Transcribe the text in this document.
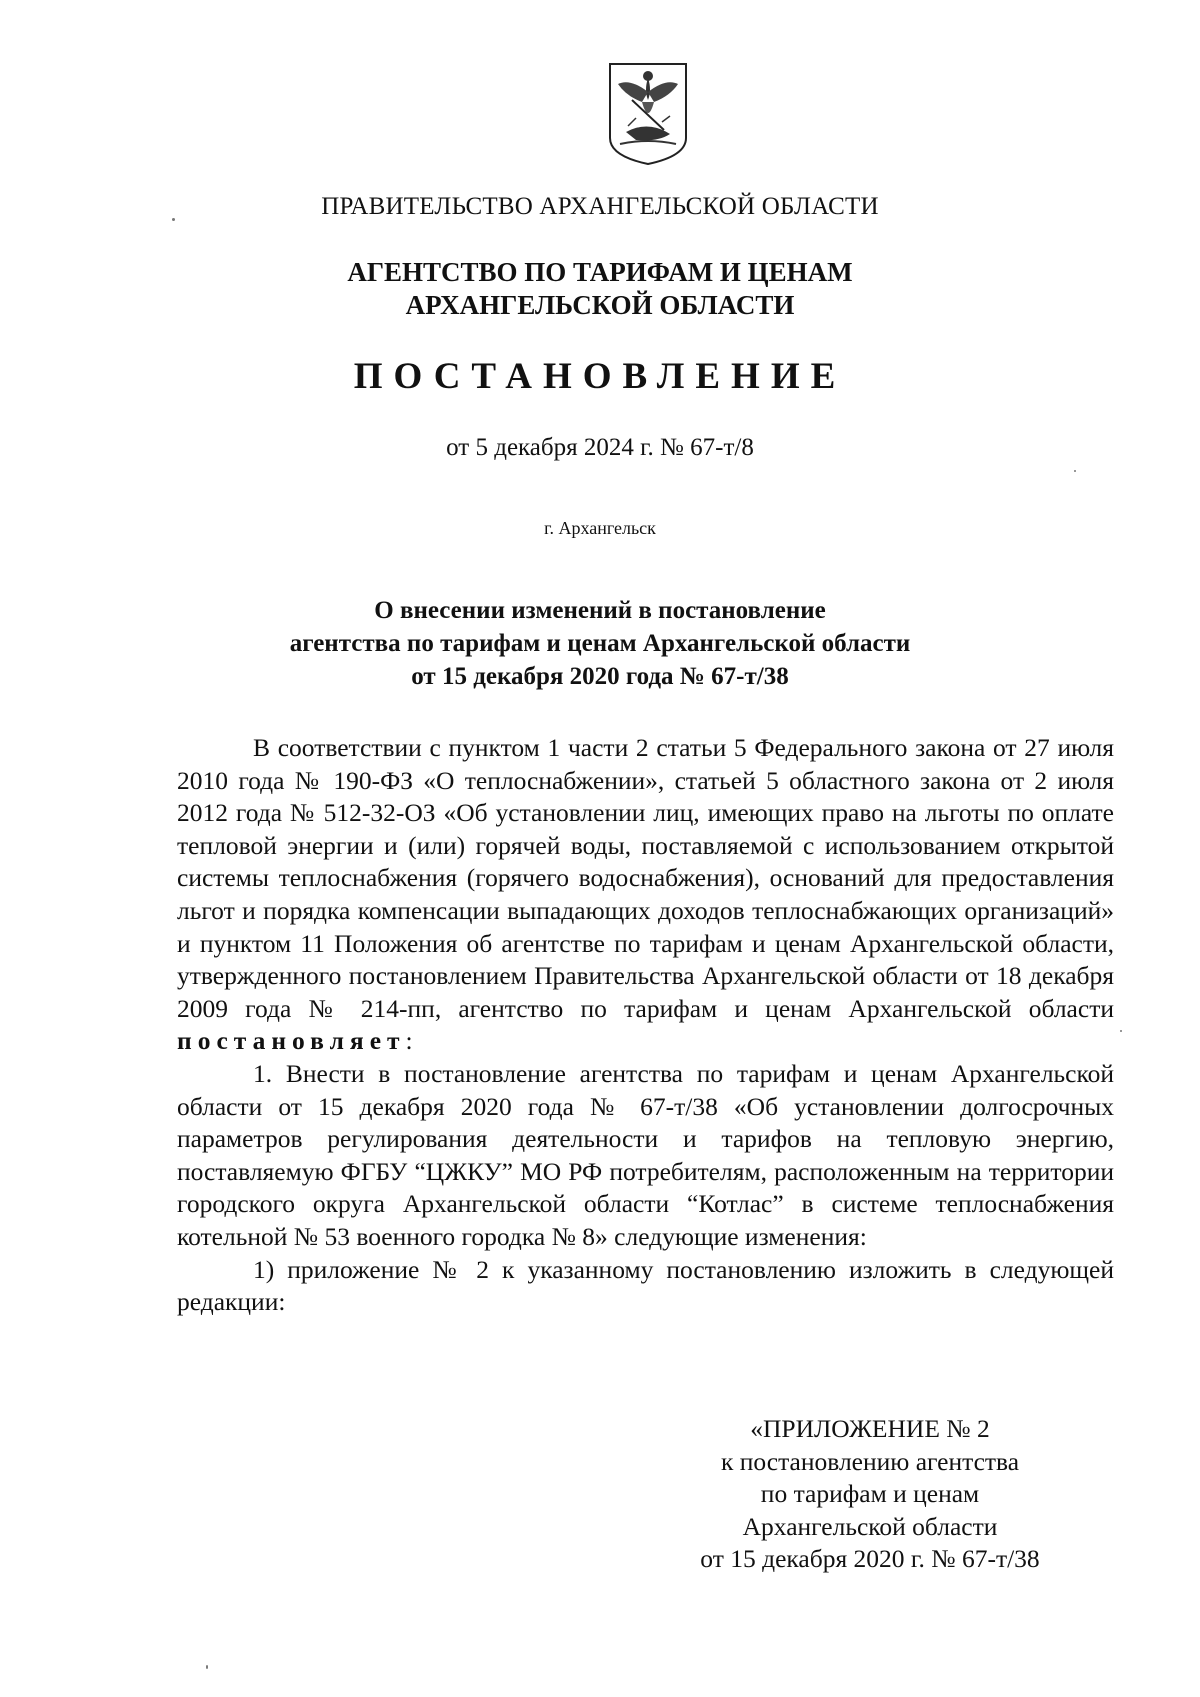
ПРАВИТЕЛЬСТВО АРХАНГЕЛЬСКОЙ ОБЛАСТИ
АГЕНТСТВО ПО ТАРИФАМ И ЦЕНАМ
АРХАНГЕЛЬСКОЙ ОБЛАСТИ
ПОСТАНОВЛЕНИЕ
от 5 декабря 2024 г. № 67-т/8
г. Архангельск
О внесении изменений в постановление
агентства по тарифам и ценам Архангельской области
от 15 декабря 2020 года № 67-т/38

В соответствии с пунктом 1 части 2 статьи 5 Федерального закона от 27 июля 2010 года № 190-ФЗ «О теплоснабжении», статьей 5 областного закона от 2 июля 2012 года № 512-32-ОЗ «Об установлении лиц, имеющих право на льготы по оплате тепловой энергии и (или) горячей воды, поставляемой с использованием открытой системы теплоснабжения (горячего водоснабжения), оснований для предоставления льгот и порядка компенсации выпадающих доходов теплоснабжающих организаций» и пунктом 11 Положения об агентстве по тарифам и ценам Архангельской области, утвержденного постановлением Правительства Архангельской области от 18 декабря 2009 года № 214-пп, агентство по тарифам и ценам Архангельской области постановляет:

1. Внести в постановление агентства по тарифам и ценам Архангельской области от 15 декабря 2020 года № 67-т/38 «Об установлении долгосрочных параметров регулирования деятельности и тарифов на тепловую энергию, поставляемую ФГБУ “ЦЖКУ” МО РФ потребителям, расположенным на территории городского округа Архангельской области “Котлас” в системе теплоснабжения котельной № 53 военного городка № 8» следующие изменения:

1) приложение № 2 к указанному постановлению изложить в следующей редакции:

«ПРИЛОЖЕНИЕ № 2
к постановлению агентства
по тарифам и ценам
Архангельской области
от 15 декабря 2020 г. № 67-т/38
